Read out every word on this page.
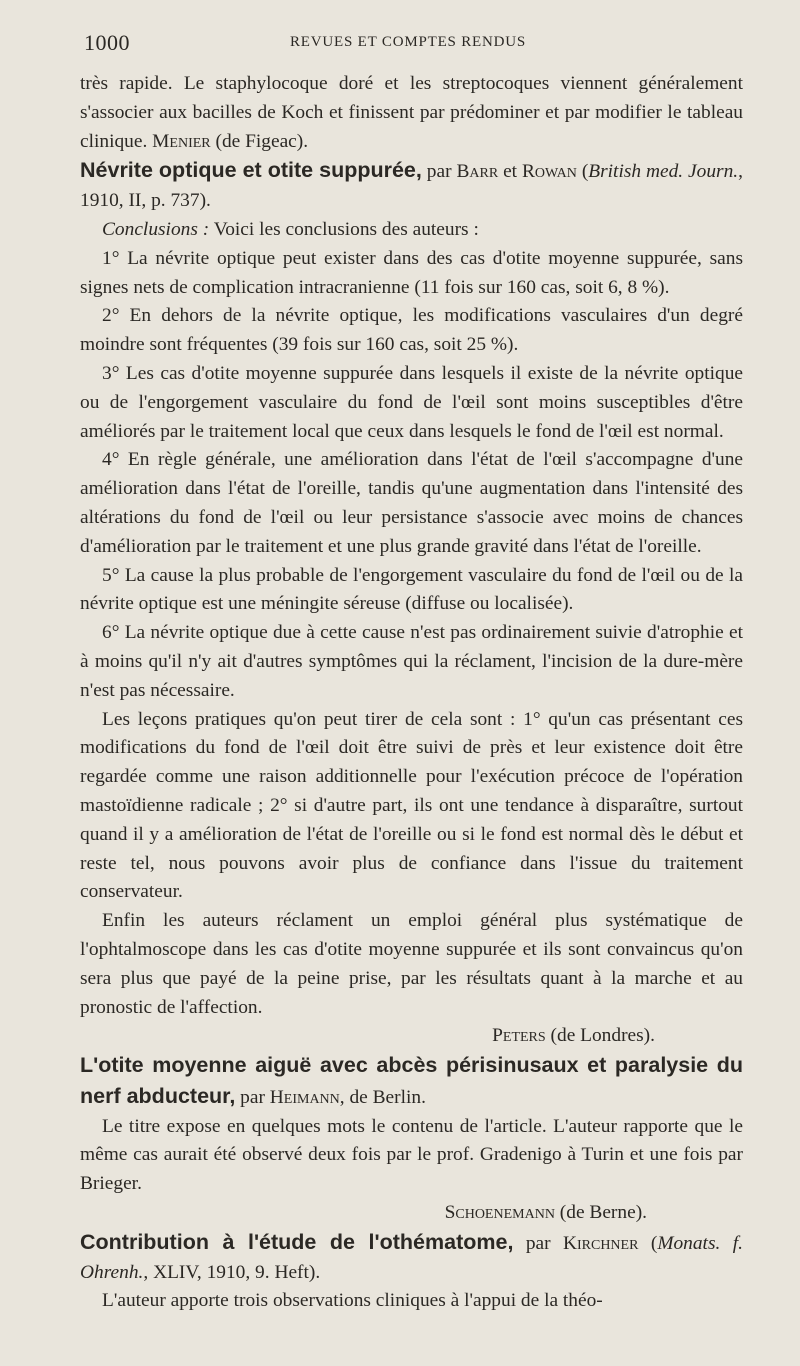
1000	REVUES ET COMPTES RENDUS

très rapide. Le staphylocoque doré et les streptocoques viennent généralement s'associer aux bacilles de Koch et finissent par prédominer et par modifier le tableau clinique. Menier (de Figeac).

Névrite optique et otite suppurée, par Barr et Rowan (British med. Journ., 1910, II, p. 737).

Conclusions : Voici les conclusions des auteurs :

1° La névrite optique peut exister dans des cas d'otite moyenne suppurée, sans signes nets de complication intracranienne (11 fois sur 160 cas, soit 6, 8 %).

2° En dehors de la névrite optique, les modifications vasculaires d'un degré moindre sont fréquentes (39 fois sur 160 cas, soit 25 %).

3° Les cas d'otite moyenne suppurée dans lesquels il existe de la névrite optique ou de l'engorgement vasculaire du fond de l'œil sont moins susceptibles d'être améliorés par le traitement local que ceux dans lesquels le fond de l'œil est normal.

4° En règle générale, une amélioration dans l'état de l'œil s'accompagne d'une amélioration dans l'état de l'oreille, tandis qu'une augmentation dans l'intensité des altérations du fond de l'œil ou leur persistance s'associe avec moins de chances d'amélioration par le traitement et une plus grande gravité dans l'état de l'oreille.

5° La cause la plus probable de l'engorgement vasculaire du fond de l'œil ou de la névrite optique est une méningite séreuse (diffuse ou localisée).

6° La névrite optique due à cette cause n'est pas ordinairement suivie d'atrophie et à moins qu'il n'y ait d'autres symptômes qui la réclament, l'incision de la dure-mère n'est pas nécessaire.

Les leçons pratiques qu'on peut tirer de cela sont : 1° qu'un cas présentant ces modifications du fond de l'œil doit être suivi de près et leur existence doit être regardée comme une raison additionnelle pour l'exécution précoce de l'opération mastoïdienne radicale ; 2° si d'autre part, ils ont une tendance à disparaître, surtout quand il y a amélioration de l'état de l'oreille ou si le fond est normal dès le début et reste tel, nous pouvons avoir plus de confiance dans l'issue du traitement conservateur.

Enfin les auteurs réclament un emploi général plus systématique de l'ophtalmoscope dans les cas d'otite moyenne suppurée et ils sont convaincus qu'on sera plus que payé de la peine prise, par les résultats quant à la marche et au pronostic de l'affection.

Peters (de Londres).

L'otite moyenne aiguë avec abcès périsinusaux et paralysie du nerf abducteur, par Heimann, de Berlin.

Le titre expose en quelques mots le contenu de l'article. L'auteur rapporte que le même cas aurait été observé deux fois par le prof. Gradenigo à Turin et une fois par Brieger.

Schoenemann (de Berne).

Contribution à l'étude de l'othématome, par Kirchner (Monats. f. Ohrenh., XLIV, 1910, 9. Heft).

L'auteur apporte trois observations cliniques à l'appui de la théo-
